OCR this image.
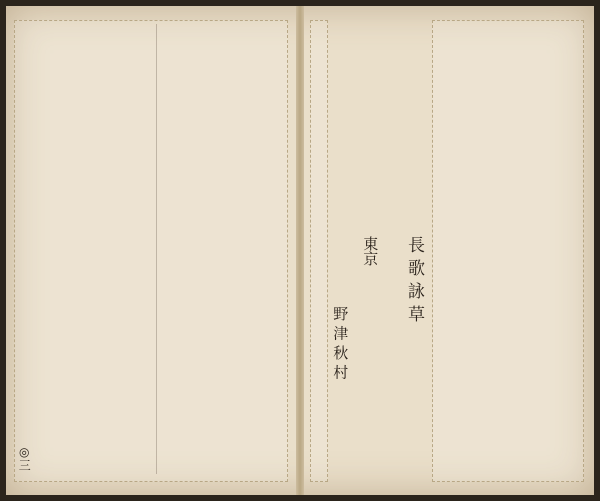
◎三
長歌詠草
東京
野津秋村
